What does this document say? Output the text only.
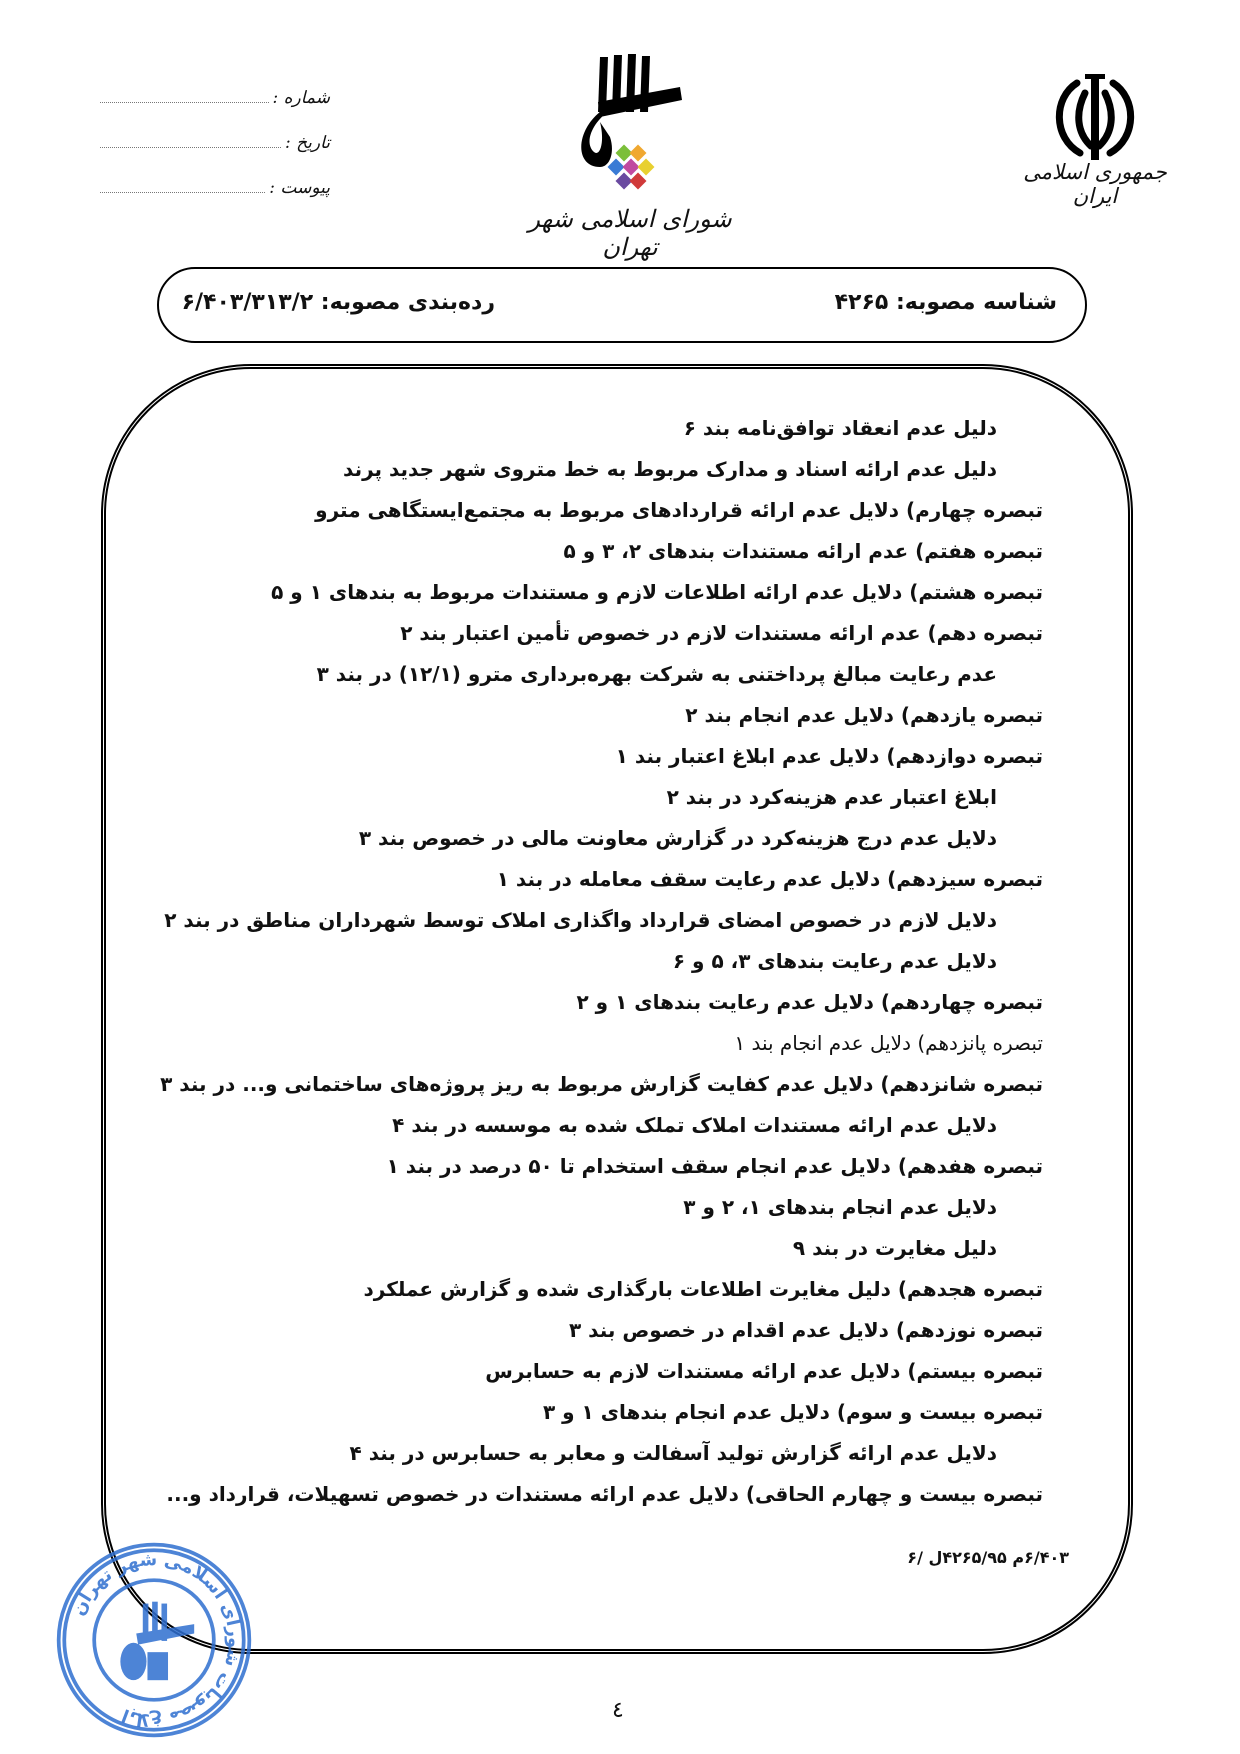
جمهوری اسلامی ایران
شورای اسلامی شهر تهران
شماره :
تاریخ :
پیوست :
شناسه مصوبه: ۴۲۶۵
رده‌بندی مصوبه: ۶/۴۰۳/۳۱۳/۲
دلیل عدم انعقاد توافق‌نامه بند ۶
دلیل عدم ارائه اسناد و مدارک مربوط به خط متروی شهر جدید پرند
تبصره چهارم) دلایل عدم ارائه قراردادهای مربوط به مجتمع‌ایستگاهی مترو
تبصره هفتم) عدم ارائه مستندات بندهای ۲، ۳ و ۵
تبصره هشتم) دلایل عدم ارائه اطلاعات لازم و مستندات مربوط به بندهای ۱ و ۵
تبصره دهم) عدم ارائه مستندات لازم در خصوص تأمین اعتبار بند ۲
عدم رعایت مبالغ پرداختنی به شرکت بهره‌برداری مترو (۱۲/۱) در بند ۳
تبصره یازدهم) دلایل عدم انجام بند ۲
تبصره دوازدهم) دلایل عدم ابلاغ اعتبار بند ۱
ابلاغ اعتبار عدم هزینه‌کرد در بند ۲
دلایل عدم درج هزینه‌کرد در گزارش معاونت مالی در خصوص بند ۳
تبصره سیزدهم) دلایل عدم رعایت سقف معامله در بند ۱
دلایل لازم در خصوص امضای قرارداد واگذاری املاک توسط شهرداران مناطق در بند ۲
دلایل عدم رعایت بندهای ۳، ۵ و ۶
تبصره چهاردهم) دلایل عدم رعایت بندهای ۱ و ۲
تبصره پانزدهم) دلایل عدم انجام بند ۱
تبصره شانزدهم) دلایل عدم کفایت گزارش مربوط به ریز پروژه‌های ساختمانی و... در بند ۳
دلایل عدم ارائه مستندات املاک تملک شده به موسسه در بند ۴
تبصره هفدهم) دلایل عدم انجام سقف استخدام تا ۵۰ درصد در بند ۱
دلایل عدم انجام بندهای ۱، ۲ و ۳
دلیل مغایرت در بند ۹
تبصره هجدهم) دلیل مغایرت اطلاعات بارگذاری شده و گزارش عملکرد
تبصره نوزدهم) دلایل عدم اقدام در خصوص بند ۳
تبصره بیستم) دلایل عدم ارائه مستندات لازم به حسابرس
تبصره بیست و سوم) دلایل عدم انجام بندهای ۱ و ۳
دلایل عدم ارائه گزارش تولید آسفالت و معابر به حسابرس در بند ۴
تبصره بیست و چهارم الحاقی) دلایل عدم ارائه مستندات در خصوص تسهیلات، قرارداد و...
۶/۴۰۳م ۴۲۶۵/۹۵ل /۶
ابلاغ مصوبات شورای اسلامی شهر تهران	٤
